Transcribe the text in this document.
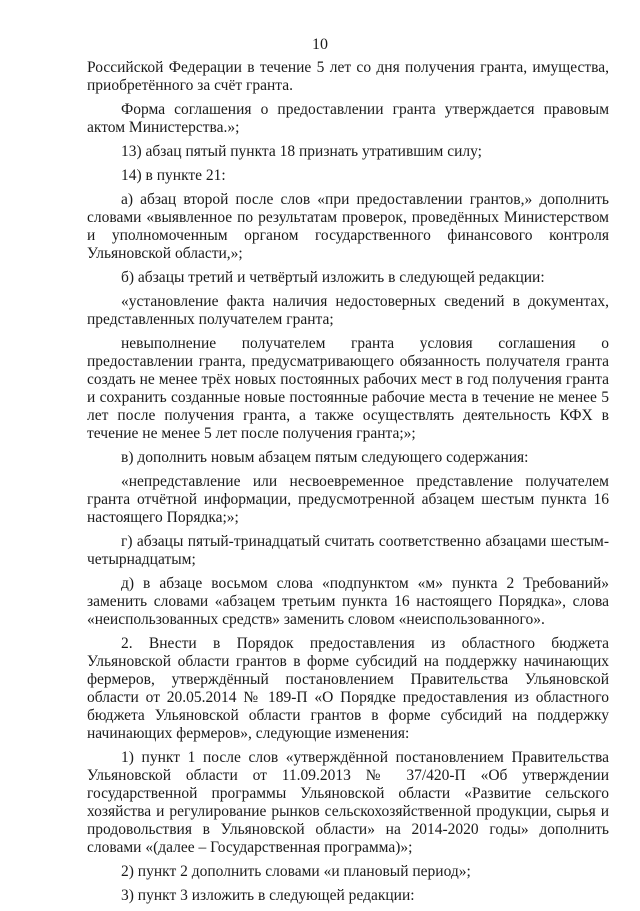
10

Российской Федерации в течение 5 лет со дня получения гранта, имущества, приобретённого за счёт гранта.

Форма соглашения о предоставлении гранта утверждается правовым актом Министерства.»;

13) абзац пятый пункта 18 признать утратившим силу;

14) в пункте 21:

а) абзац второй после слов «при предоставлении грантов,» дополнить словами «выявленное по результатам проверок, проведённых Министерством и уполномоченным органом государственного финансового контроля Ульяновской области,»;

б) абзацы третий и четвёртый изложить в следующей редакции:

«установление факта наличия недостоверных сведений в документах, представленных получателем гранта;

невыполнение получателем гранта условия соглашения о предоставлении гранта, предусматривающего обязанность получателя гранта создать не менее трёх новых постоянных рабочих мест в год получения гранта и сохранить созданные новые постоянные рабочие места в течение не менее 5 лет после получения гранта, а также осуществлять деятельность КФХ в течение не менее 5 лет после получения гранта;»;

в) дополнить новым абзацем пятым следующего содержания:

«непредставление или несвоевременное представление получателем гранта отчётной информации, предусмотренной абзацем шестым пункта 16 настоящего Порядка;»;

г) абзацы пятый-тринадцатый считать соответственно абзацами шестым-четырнадцатым;

д) в абзаце восьмом слова «подпунктом «м» пункта 2 Требований» заменить словами «абзацем третьим пункта 16 настоящего Порядка», слова «неиспользованных средств» заменить словом «неиспользованного».

2. Внести в Порядок предоставления из областного бюджета Ульяновской области грантов в форме субсидий на поддержку начинающих фермеров, утверждённый постановлением Правительства Ульяновской области от 20.05.2014 № 189-П «О Порядке предоставления из областного бюджета Ульяновской области грантов в форме субсидий на поддержку начинающих фермеров», следующие изменения:

1) пункт 1 после слов «утверждённой постановлением Правительства Ульяновской области от 11.09.2013 № 37/420-П «Об утверждении государственной программы Ульяновской области «Развитие сельского хозяйства и регулирование рынков сельскохозяйственной продукции, сырья и продовольствия в Ульяновской области» на 2014-2020 годы» дополнить словами «(далее – Государственная программа)»;

2) пункт 2 дополнить словами «и плановый период»;

3) пункт 3 изложить в следующей редакции:
